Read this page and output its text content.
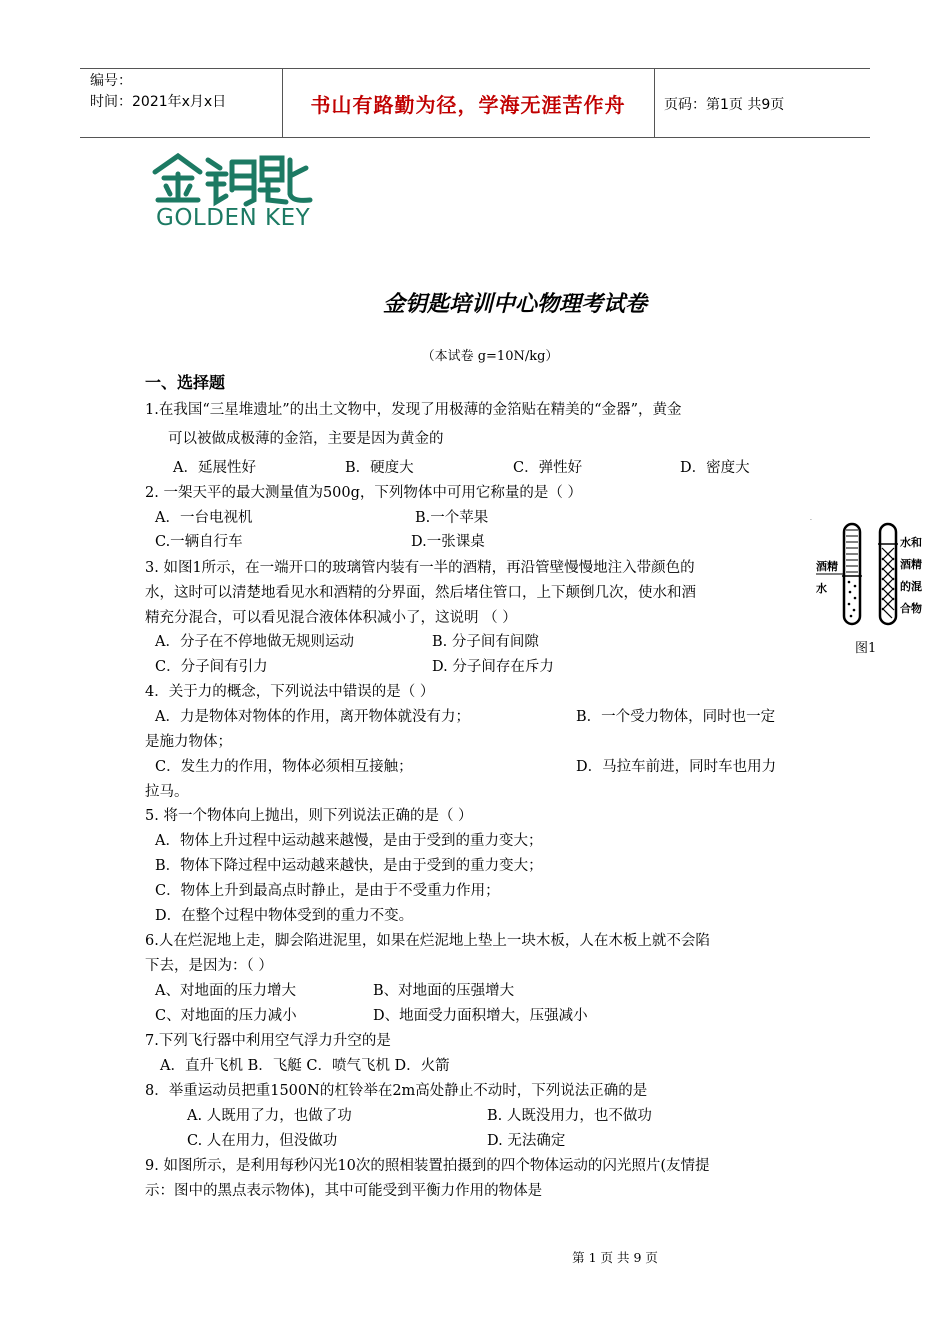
编号：
时间：2021年x月x日	书山有路勤为径，学海无涯苦作舟	页码：第1页 共9页
GOLDEN KEY
金钥匙培训中心物理考试卷
（本试卷 g=10N/kg）
一、选择题
1.在我国“三星堆遗址”的出土文物中，发现了用极薄的金箔贴在精美的“金器”，黄金
可以被做成极薄的金箔，主要是因为黄金的
A．延展性好	B．硬度大	C．弹性好	D．密度大
2. 一架天平的最大测量值为500g，下列物体中可用它称量的是（ ）
A．一台电视机	B.一个苹果
C.一辆自行车	D.一张课桌
3. 如图1所示，在一端开口的玻璃管内装有一半的酒精，再沿管壁慢慢地注入带颜色的
水，这时可以清楚地看见水和酒精的分界面，然后堵住管口，上下颠倒几次，使水和酒
精充分混合，可以看见混合液体体积减小了，这说明 （ ）
A．分子在不停地做无规则运动	B. 分子间有间隙
C．分子间有引力	D. 分子间存在斥力
4．关于力的概念，下列说法中错误的是（ ）
A．力是物体对物体的作用，离开物体就没有力；	B．一个受力物体，同时也一定
是施力物体；
C．发生力的作用，物体必须相互接触；	D．马拉车前进，同时车也用力
拉马。
5. 将一个物体向上抛出，则下列说法正确的是（ ）
A．物体上升过程中运动越来越慢，是由于受到的重力变大；
B．物体下降过程中运动越来越快，是由于受到的重力变大；
C．物体上升到最高点时静止，是由于不受重力作用；
D．在整个过程中物体受到的重力不变。
6.人在烂泥地上走，脚会陷进泥里，如果在烂泥地上垫上一块木板，人在木板上就不会陷
下去，是因为：（ ）
A、对地面的压力增大	B、对地面的压强增大
C、对地面的压力减小	D、地面受力面积增大，压强减小
7.下列飞行器中利用空气浮力升空的是
A．直升飞机 B．飞艇 C．喷气飞机 D．火箭
8．举重运动员把重1500N的杠铃举在2m高处静止不动时，下列说法正确的是
A. 人既用了力，也做了功	B. 人既没用力，也不做功
C. 人在用力，但没做功	D. 无法确定
9. 如图所示，是利用每秒闪光10次的照相装置拍摄到的四个物体运动的闪光照片(友情提
示：图中的黑点表示物体)，其中可能受到平衡力作用的物体是
.
酒精
水
水和
酒精
的混
合物
图1
第 1 页 共 9 页
